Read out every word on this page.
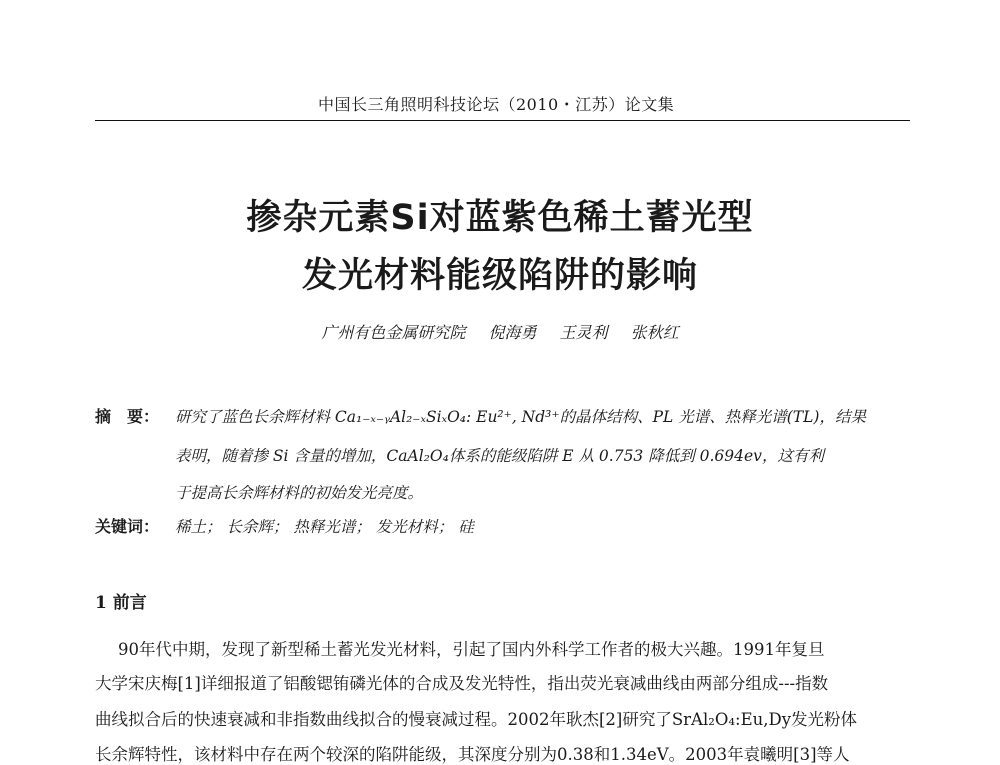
中国长三角照明科技论坛（2010・江苏）论文集
掺杂元素Si对蓝紫色稀土蓄光型
发光材料能级陷阱的影响
广州有色金属研究院 倪海勇 王灵利 张秋红
摘　要： 研究了蓝色长余辉材料 Ca₁₋ₓ₋ᵧAl₂₋ₓSiₓO₄: Eu²⁺, Nd³⁺的晶体结构、PL 光谱、热释光谱(TL)，结果
表明，随着掺 Si 含量的增加，CaAl₂O₄体系的能级陷阱 E 从 0.753 降低到 0.694ev，这有利
于提高长余辉材料的初始发光亮度。
关键词： 稀土； 长余辉； 热释光谱； 发光材料； 硅
1 前言
90年代中期，发现了新型稀土蓄光发光材料，引起了国内外科学工作者的极大兴趣。1991年复旦
大学宋庆梅[1]详细报道了铝酸锶铕磷光体的合成及发光特性，指出荧光衰减曲线由两部分组成---指数
曲线拟合后的快速衰减和非指数曲线拟合的慢衰减过程。2002年耿杰[2]研究了SrAl₂O₄:Eu,Dy发光粉体
长余辉特性，该材料中存在两个较深的陷阱能级，其深度分别为0.38和1.34eV。2003年袁曦明[3]等人
